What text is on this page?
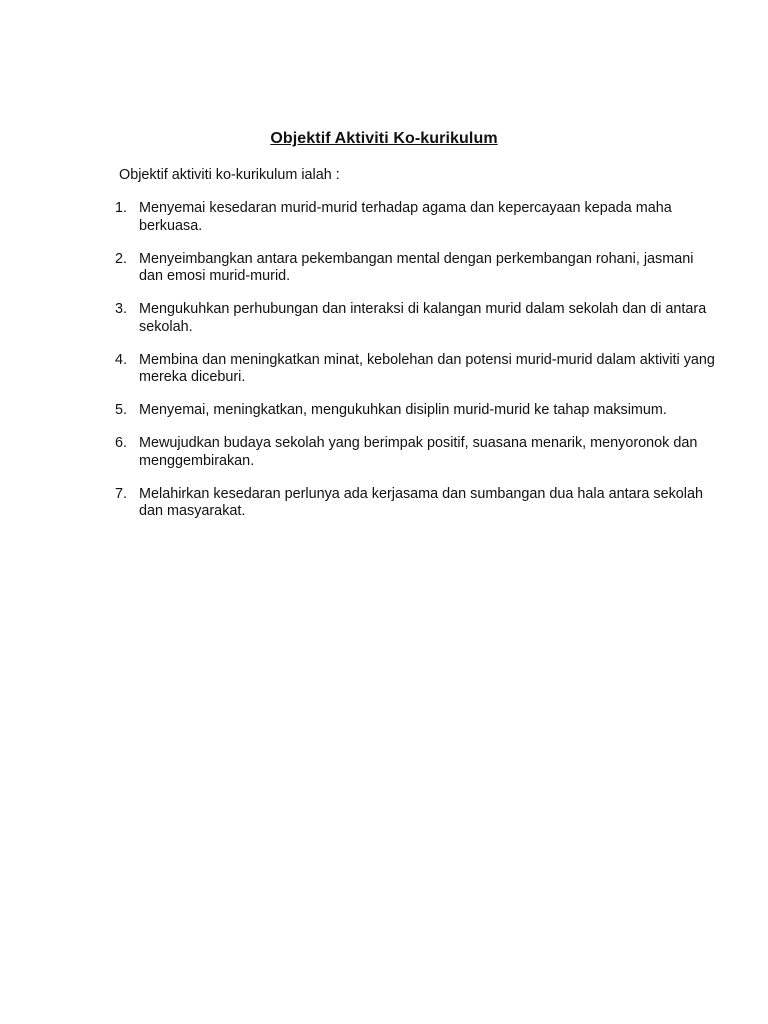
Objektif Aktiviti Ko-kurikulum
Objektif aktiviti ko-kurikulum ialah :
1. Menyemai kesedaran murid-murid terhadap agama dan kepercayaan kepada maha berkuasa.
2. Menyeimbangkan antara pekembangan mental dengan perkembangan rohani, jasmani dan emosi murid-murid.
3. Mengukuhkan perhubungan dan interaksi di kalangan murid dalam sekolah dan di antara sekolah.
4. Membina dan meningkatkan minat, kebolehan dan potensi murid-murid dalam aktiviti yang mereka diceburi.
5. Menyemai, meningkatkan, mengukuhkan disiplin murid-murid ke tahap maksimum.
6. Mewujudkan budaya sekolah yang berimpak positif, suasana menarik, menyoronok dan menggembirakan.
7. Melahirkan kesedaran perlunya ada kerjasama dan sumbangan dua hala antara sekolah dan masyarakat.
